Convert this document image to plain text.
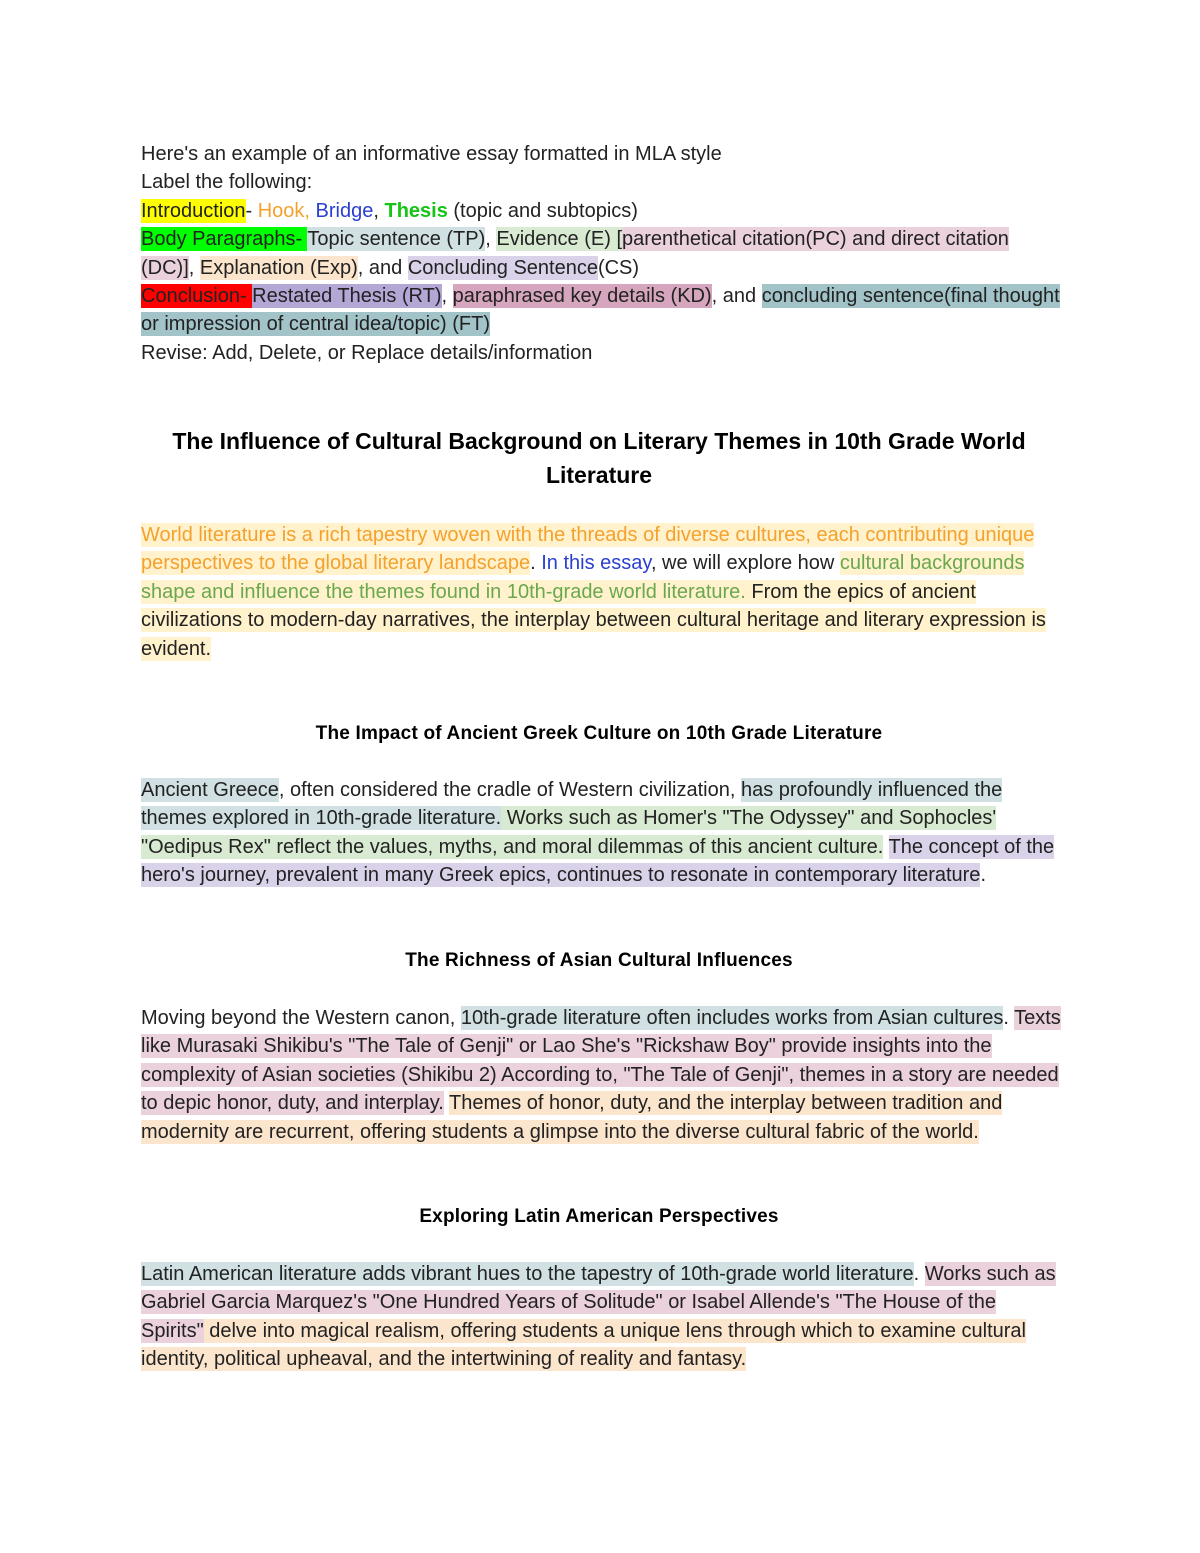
Here's an example of an informative essay formatted in MLA style

Label the following:

Introduction- Hook, Bridge, Thesis (topic and subtopics)

Body Paragraphs- Topic sentence (TP), Evidence (E) [parenthetical citation(PC) and direct citation (DC)], Explanation (Exp), and Concluding Sentence(CS)

Conclusion- Restated Thesis (RT), paraphrased key details (KD), and concluding sentence(final thought or impression of central idea/topic) (FT)

Revise: Add, Delete, or Replace details/information

The Influence of Cultural Background on Literary Themes in 10th Grade World Literature

World literature is a rich tapestry woven with the threads of diverse cultures, each contributing unique perspectives to the global literary landscape. In this essay, we will explore how cultural backgrounds shape and influence the themes found in 10th-grade world literature. From the epics of ancient civilizations to modern-day narratives, the interplay between cultural heritage and literary expression is evident.

The Impact of Ancient Greek Culture on 10th Grade Literature

Ancient Greece, often considered the cradle of Western civilization, has profoundly influenced the themes explored in 10th-grade literature. Works such as Homer's "The Odyssey" and Sophocles' "Oedipus Rex" reflect the values, myths, and moral dilemmas of this ancient culture. The concept of the hero's journey, prevalent in many Greek epics, continues to resonate in contemporary literature.

The Richness of Asian Cultural Influences

Moving beyond the Western canon, 10th-grade literature often includes works from Asian cultures. Texts like Murasaki Shikibu's "The Tale of Genji" or Lao She's "Rickshaw Boy" provide insights into the complexity of Asian societies (Shikibu 2) According to, "The Tale of Genji", themes in a story are needed to depic honor, duty, and interplay. Themes of honor, duty, and the interplay between tradition and modernity are recurrent, offering students a glimpse into the diverse cultural fabric of the world.

Exploring Latin American Perspectives

Latin American literature adds vibrant hues to the tapestry of 10th-grade world literature. Works such as Gabriel Garcia Marquez's "One Hundred Years of Solitude" or Isabel Allende's "The House of the Spirits" delve into magical realism, offering students a unique lens through which to examine cultural identity, political upheaval, and the intertwining of reality and fantasy.
